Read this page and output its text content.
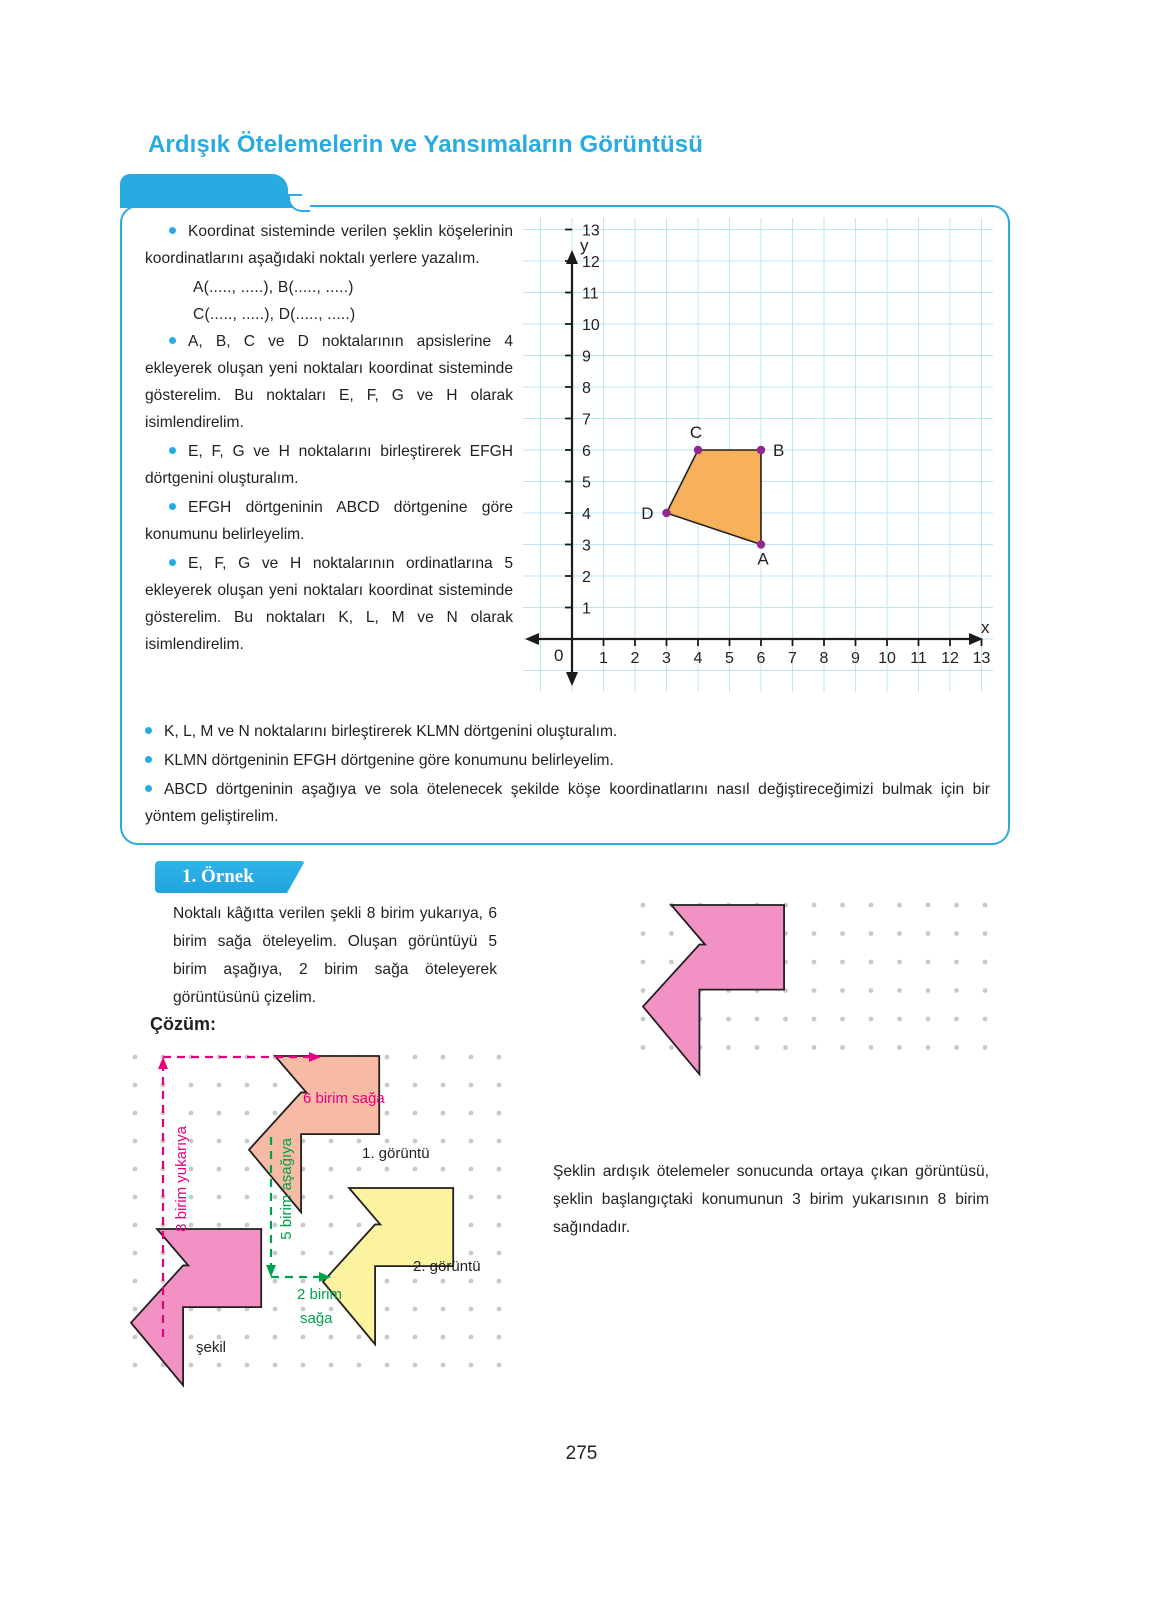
Ardışık Ötelemelerin ve Yansımaların Görüntüsü
ETKİNLİK

Koordinat sisteminde verilen şeklin köşelerinin koordinatlarını aşağıdaki noktalı yerlere yazalım.

A(....., .....), B(....., .....)

C(....., .....), D(....., .....)

A, B, C ve D noktalarının apsislerine 4 ekleyerek oluşan yeni noktaları koordinat sisteminde gösterelim. Bu noktaları E, F, G ve H olarak isimlendirelim.

E, F, G ve H noktalarını birleştirerek EFGH dörtgenini oluşturalım.

EFGH dörtgeninin ABCD dörtgenine göre konumunu belirleyelim.

E, F, G ve H noktalarının ordinatlarına 5 ekleyerek oluşan yeni noktaları koordinat sisteminde gösterelim. Bu noktaları K, L, M ve N olarak isimlendirelim.

K, L, M ve N noktalarını birleştirerek KLMN dörtgenini oluşturalım.

KLMN dörtgeninin EFGH dörtgenine göre konumunu belirleyelim.

ABCD dörtgeninin aşağıya ve sola ötelenecek şekilde köşe koordinatlarını nasıl değiştireceğimizi bulmak için bir yöntem geliştirelim.

y
x
0 1 2 3 4 5 6 7 8 9 10 11 12 13
1
2
3
4
5
6
7
8
9
10
11
12
13
A
B
C
D
1. Örnek

Noktalı kâğıtta verilen şekli 8 birim yukarıya, 6 birim sağa öteleyelim. Oluşan görüntüyü 5 birim aşağıya, 2 birim sağa öteleyerek görüntüsünü çizelim.

Çözüm:
6 birim sağa
8 birim yukarıya	5 birim aşağıya
2 birim
sağa
1. görüntü
2. görüntü
şekil

Şeklin ardışık ötelemeler sonucunda ortaya çıkan görüntüsü, şeklin başlangıçtaki konumunun 3 birim yukarısının 8 birim sağındadır.

275
